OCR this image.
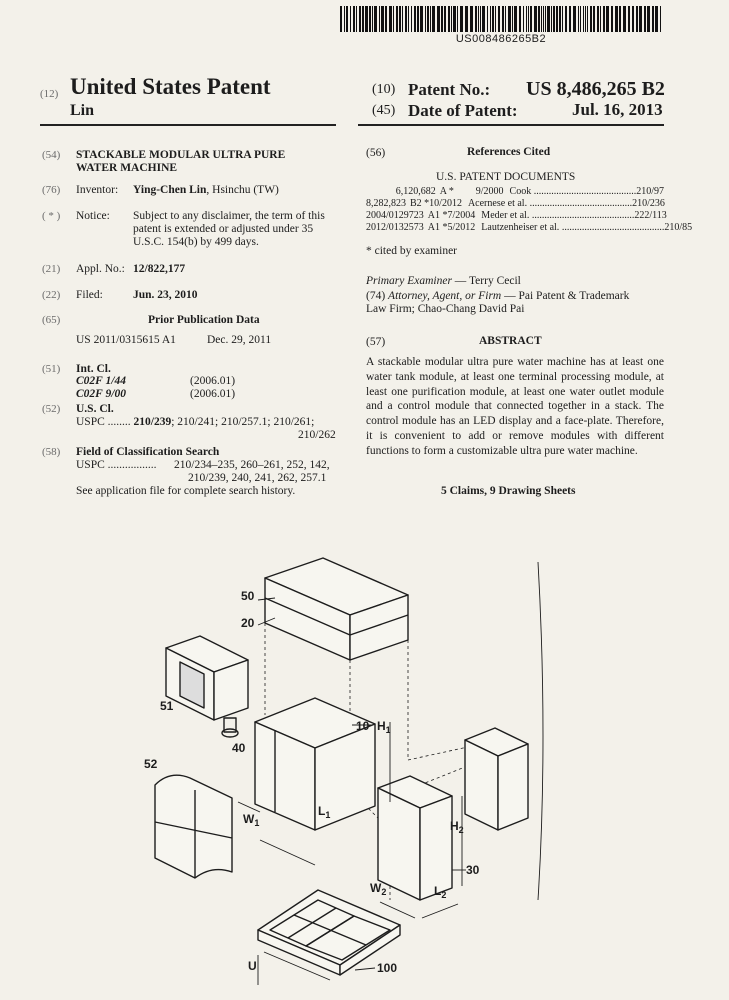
US008486265B2
(12) United States Patent
Lin
(10) Patent No.: US 8,486,265 B2
(45) Date of Patent:	Jul. 16, 2013
(54) STACKABLE MODULAR ULTRA PURE
WATER MACHINE
(76) Inventor: Ying-Chen Lin, Hsinchu (TW)
( * ) Notice: Subject to any disclaimer, the term of this
patent is extended or adjusted under 35
U.S.C. 154(b) by 499 days.
(21) Appl. No.: 12/822,177
(22) Filed:	Jun. 23, 2010
(65)	Prior Publication Data
US 2011/0315615 A1	Dec. 29, 2011
(51) Int. Cl.
C02F 1/44	(2006.01)
C02F 9/00	(2006.01)
(52) U.S. Cl.
USPC ........ 210/239; 210/241; 210/257.1; 210/261;
210/262
(58) Field of Classification Search
USPC ................. 210/234–235, 260–261, 252, 142,
210/239, 240, 241, 262, 257.1
See application file for complete search history.
(56)	References Cited
U.S. PATENT DOCUMENTS
6,120,682 A *	9/2000 Cook ......................................... 210/97
8,282,823 B2 * 10/2012 Acernese et al. ......................................... 210/236
2004/0129723 A1 * 7/2004 Meder et al. ......................................... 222/113
2012/0132573 A1 * 5/2012 Lautzenheiser et al. ......................................... 210/85
* cited by examiner
Primary Examiner — Terry Cecil
(74) Attorney, Agent, or Firm — Pai Patent & Trademark
Law Firm; Chao-Chang David Pai
(57)	ABSTRACT
A stackable modular ultra pure water machine has at least one water tank module, at least one terminal processing module, at least one purification module, at least one water outlet module and a control module that connected together in a stack. The control module has an LED display and a face-plate. Therefore, it is convenient to add or remove modules with different functions to form a customizable ultra pure water machine.
5 Claims, 9 Drawing Sheets
50
20
51
40
52
10 $H_1$
$W_1$
$L_1$
$H_2$
$W_2$	$L_2$
30
U	100
